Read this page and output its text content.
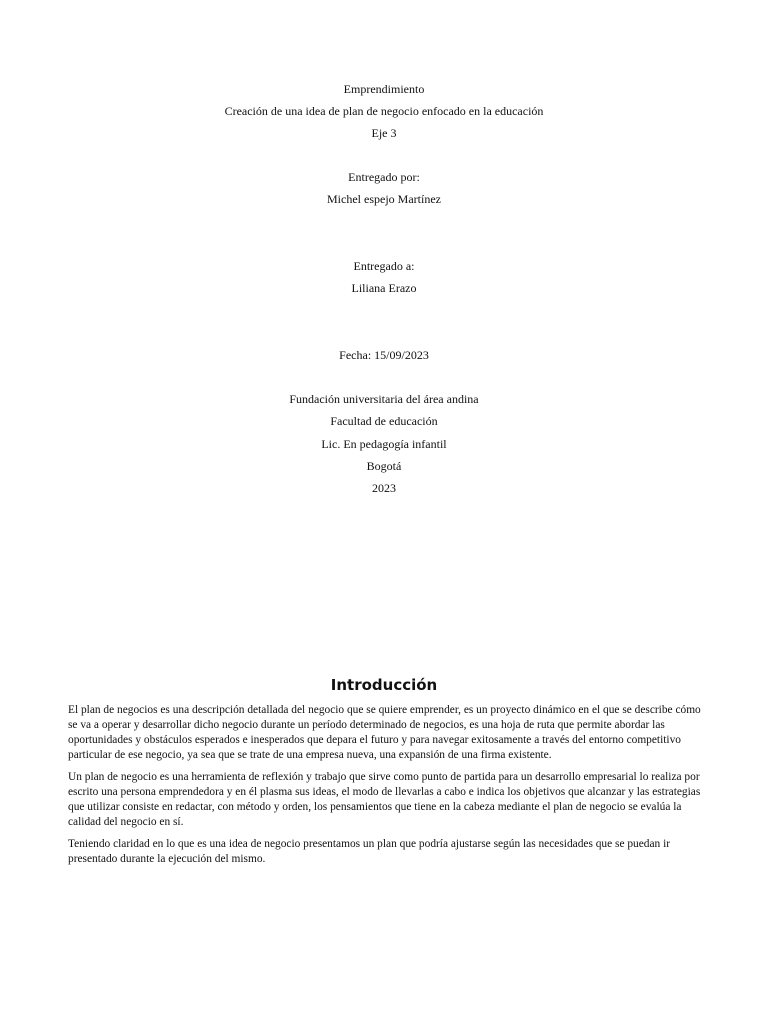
Emprendimiento
Creación de una idea de plan de negocio enfocado en la educación
Eje 3
Entregado por:
Michel espejo Martínez
Entregado a:
Liliana Erazo
Fecha: 15/09/2023
Fundación universitaria del área andina
Facultad de educación
Lic. En pedagogía infantil
Bogotá
2023
Introducción

El plan de negocios es una descripción detallada del negocio que se quiere emprender, es un proyecto dinámico en el que se describe cómo se va a operar y desarrollar dicho negocio durante un período determinado de negocios, es una hoja de ruta que permite abordar las oportunidades y obstáculos esperados e inesperados que depara el futuro y para navegar exitosamente a través del entorno competitivo particular de ese negocio, ya sea que se trate de una empresa nueva, una expansión de una firma existente.

Un plan de negocio es una herramienta de reflexión y trabajo que sirve como punto de partida para un desarrollo empresarial lo realiza por escrito una persona emprendedora y en él plasma sus ideas, el modo de llevarlas a cabo e indica los objetivos que alcanzar y las estrategias que utilizar consiste en redactar, con método y orden, los pensamientos que tiene en la cabeza mediante el plan de negocio se evalúa la calidad del negocio en sí.

Teniendo claridad en lo que es una idea de negocio presentamos un plan que podría ajustarse según las necesidades que se puedan ir presentado durante la ejecución del mismo.
